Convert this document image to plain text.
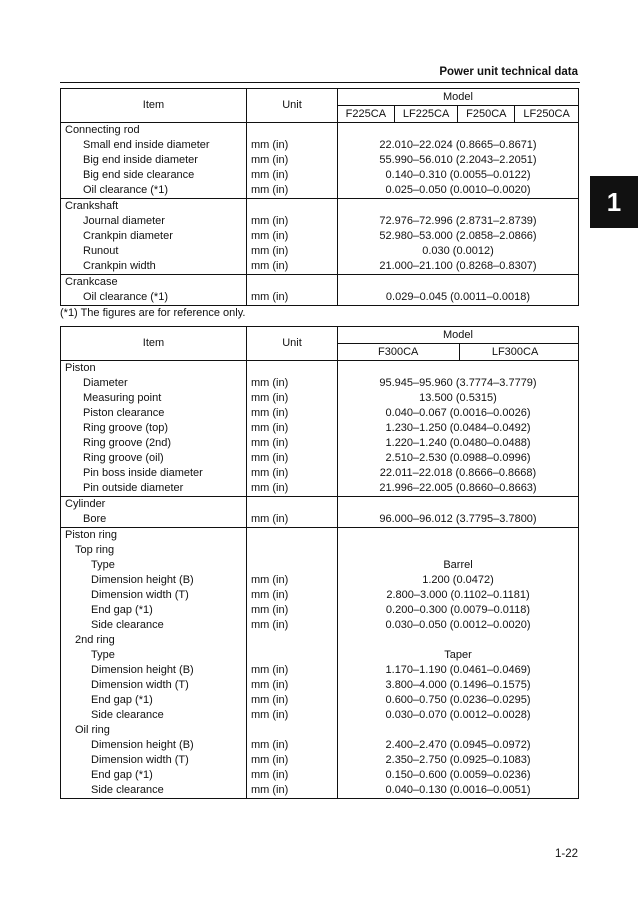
Power unit technical data
1
Item	Unit	Model			
		F225CA	LF225CA	F250CA	LF250CA
Connecting rod					
Small end inside diameter	mm (in)	22.010–22.024 (0.8665–0.8671)			
Big end inside diameter	mm (in)	55.990–56.010 (2.2043–2.2051)			
Big end side clearance	mm (in)	0.140–0.310 (0.0055–0.0122)			
Oil clearance (*1)	mm (in)	0.025–0.050 (0.0010–0.0020)			
Crankshaft					
Journal diameter	mm (in)	72.976–72.996 (2.8731–2.8739)			
Crankpin diameter	mm (in)	52.980–53.000 (2.0858–2.0866)			
Runout	mm (in)	0.030 (0.0012)			
Crankpin width	mm (in)	21.000–21.100 (0.8268–0.8307)			
Crankcase					
Oil clearance (*1)	mm (in)	0.029–0.045 (0.0011–0.0018)			
(*1) The figures are for reference only.
Item	Unit	Model	
		F300CA	LF300CA
Piston			
Diameter	mm (in)	95.945–95.960 (3.7774–3.7779)	
Measuring point	mm (in)	13.500 (0.5315)	
Piston clearance	mm (in)	0.040–0.067 (0.0016–0.0026)	
Ring groove (top)	mm (in)	1.230–1.250 (0.0484–0.0492)	
Ring groove (2nd)	mm (in)	1.220–1.240 (0.0480–0.0488)	
Ring groove (oil)	mm (in)	2.510–2.530 (0.0988–0.0996)	
Pin boss inside diameter	mm (in)	22.011–22.018 (0.8666–0.8668)	
Pin outside diameter	mm (in)	21.996–22.005 (0.8660–0.8663)	
Cylinder			
Bore	mm (in)	96.000–96.012 (3.7795–3.7800)	
Piston ring			
Top ring			
Type		Barrel	
Dimension height (B)	mm (in)	1.200 (0.0472)	
Dimension width (T)	mm (in)	2.800–3.000 (0.1102–0.1181)	
End gap (*1)	mm (in)	0.200–0.300 (0.0079–0.0118)	
Side clearance	mm (in)	0.030–0.050 (0.0012–0.0020)	
2nd ring			
Type		Taper	
Dimension height (B)	mm (in)	1.170–1.190 (0.0461–0.0469)	
Dimension width (T)	mm (in)	3.800–4.000 (0.1496–0.1575)	
End gap (*1)	mm (in)	0.600–0.750 (0.0236–0.0295)	
Side clearance	mm (in)	0.030–0.070 (0.0012–0.0028)	
Oil ring			
Dimension height (B)	mm (in)	2.400–2.470 (0.0945–0.0972)	
Dimension width (T)	mm (in)	2.350–2.750 (0.0925–0.1083)	
End gap (*1)	mm (in)	0.150–0.600 (0.0059–0.0236)	
Side clearance	mm (in)	0.040–0.130 (0.0016–0.0051)	
1-22
